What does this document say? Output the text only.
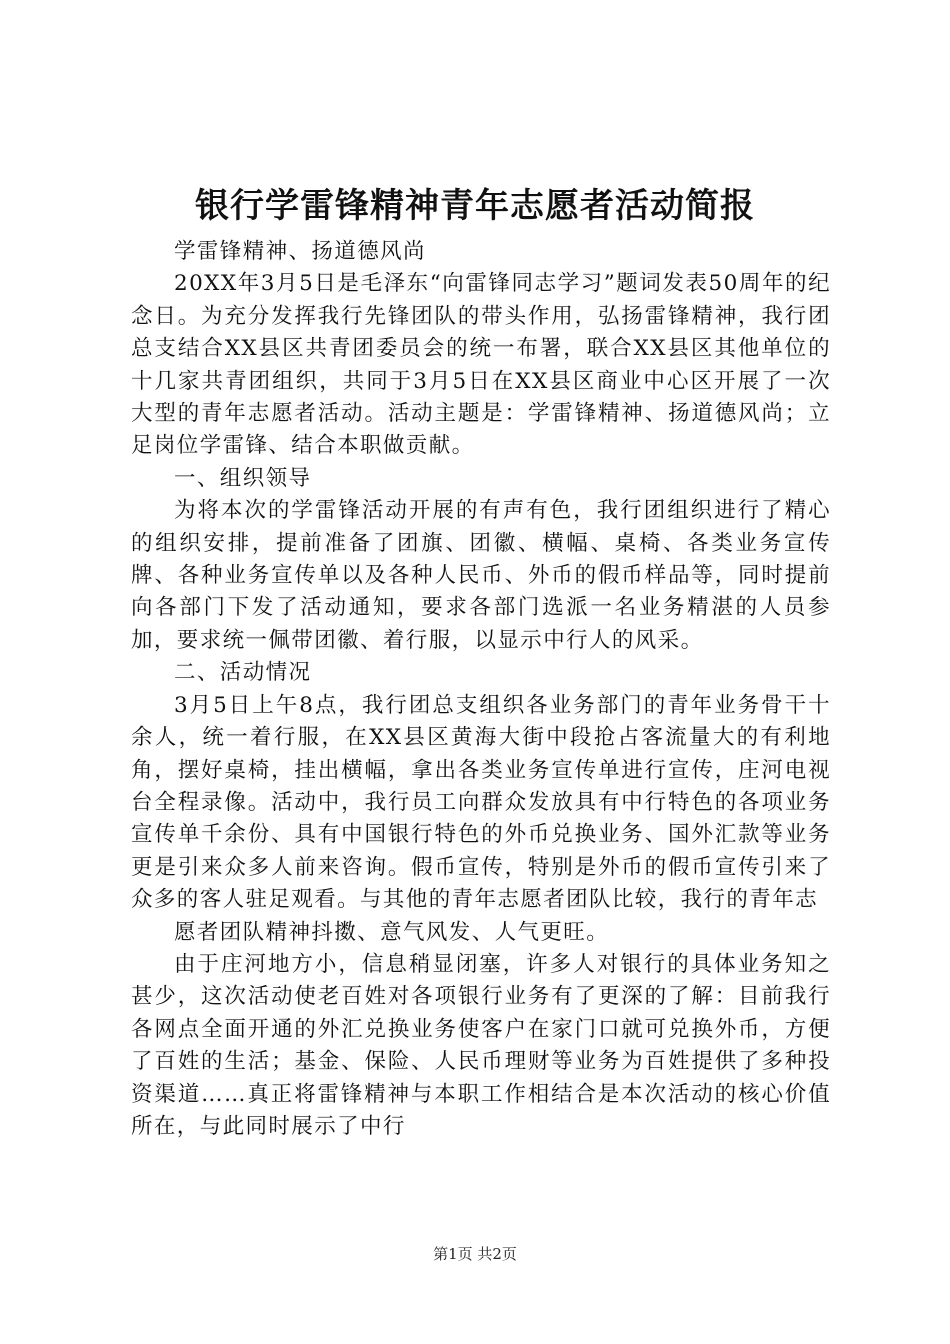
银行学雷锋精神青年志愿者活动简报

学雷锋精神、扬道德风尚

20XX年3月5日是毛泽东“向雷锋同志学习”题词发表50周年的纪念日。为充分发挥我行先锋团队的带头作用，弘扬雷锋精神，我行团总支结合XX县区共青团委员会的统一布署，联合XX县区其他单位的十几家共青团组织，共同于3月5日在XX县区商业中心区开展了一次大型的青年志愿者活动。活动主题是：学雷锋精神、扬道德风尚；立足岗位学雷锋、结合本职做贡献。

一、组织领导

为将本次的学雷锋活动开展的有声有色，我行团组织进行了精心的组织安排，提前准备了团旗、团徽、横幅、桌椅、各类业务宣传牌、各种业务宣传单以及各种人民币、外币的假币样品等，同时提前向各部门下发了活动通知，要求各部门选派一名业务精湛的人员参加，要求统一佩带团徽、着行服，以显示中行人的风采。

二、活动情况

3月5日上午8点，我行团总支组织各业务部门的青年业务骨干十余人，统一着行服，在XX县区黄海大街中段抢占客流量大的有利地角，摆好桌椅，挂出横幅，拿出各类业务宣传单进行宣传，庄河电视台全程录像。活动中，我行员工向群众发放具有中行特色的各项业务宣传单千余份、具有中国银行特色的外币兑换业务、国外汇款等业务更是引来众多人前来咨询。假币宣传，特别是外币的假币宣传引来了众多的客人驻足观看。与其他的青年志愿者团队比较，我行的青年志

愿者团队精神抖擞、意气风发、人气更旺。

由于庄河地方小，信息稍显闭塞，许多人对银行的具体业务知之甚少，这次活动使老百姓对各项银行业务有了更深的了解：目前我行各网点全面开通的外汇兑换业务使客户在家门口就可兑换外币，方便了百姓的生活；基金、保险、人民币理财等业务为百姓提供了多种投资渠道……真正将雷锋精神与本职工作相结合是本次活动的核心价值所在，与此同时展示了中行

第1页 共2页
